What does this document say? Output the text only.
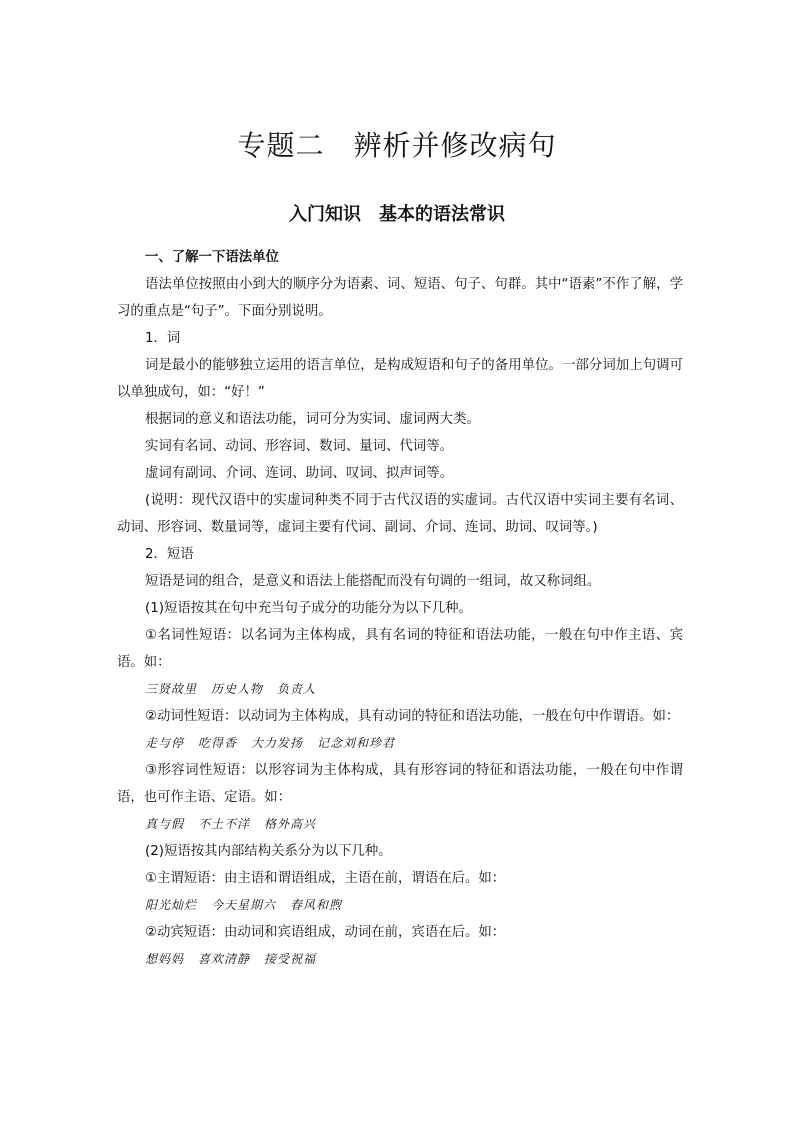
专题二　辨析并修改病句
入门知识　基本的语法常识

一、了解一下语法单位

语法单位按照由小到大的顺序分为语素、词、短语、句子、句群。其中“语素”不作了解，学习的重点是“句子”。下面分别说明。

1．词

词是最小的能够独立运用的语言单位，是构成短语和句子的备用单位。一部分词加上句调可以单独成句，如：“好！”

根据词的意义和语法功能，词可分为实词、虚词两大类。

实词有名词、动词、形容词、数词、量词、代词等。

虚词有副词、介词、连词、助词、叹词、拟声词等。

(说明：现代汉语中的实虚词种类不同于古代汉语的实虚词。古代汉语中实词主要有名词、动词、形容词、数量词等，虚词主要有代词、副词、介词、连词、助词、叹词等。)

2．短语

短语是词的组合，是意义和语法上能搭配而没有句调的一组词，故又称词组。

(1)短语按其在句中充当句子成分的功能分为以下几种。

①名词性短语：以名词为主体构成，具有名词的特征和语法功能，一般在句中作主语、宾语。如：

三贤故里 历史人物 负责人

②动词性短语：以动词为主体构成，具有动词的特征和语法功能，一般在句中作谓语。如：

走与停 吃得香 大力发扬 记念刘和珍君

③形容词性短语：以形容词为主体构成，具有形容词的特征和语法功能，一般在句中作谓语，也可作主语、定语。如：

真与假 不土不洋 格外高兴

(2)短语按其内部结构关系分为以下几种。

①主谓短语：由主语和谓语组成，主语在前，谓语在后。如：

阳光灿烂 今天星期六 春风和煦

②动宾短语：由动词和宾语组成，动词在前，宾语在后。如：

想妈妈 喜欢清静 接受祝福
